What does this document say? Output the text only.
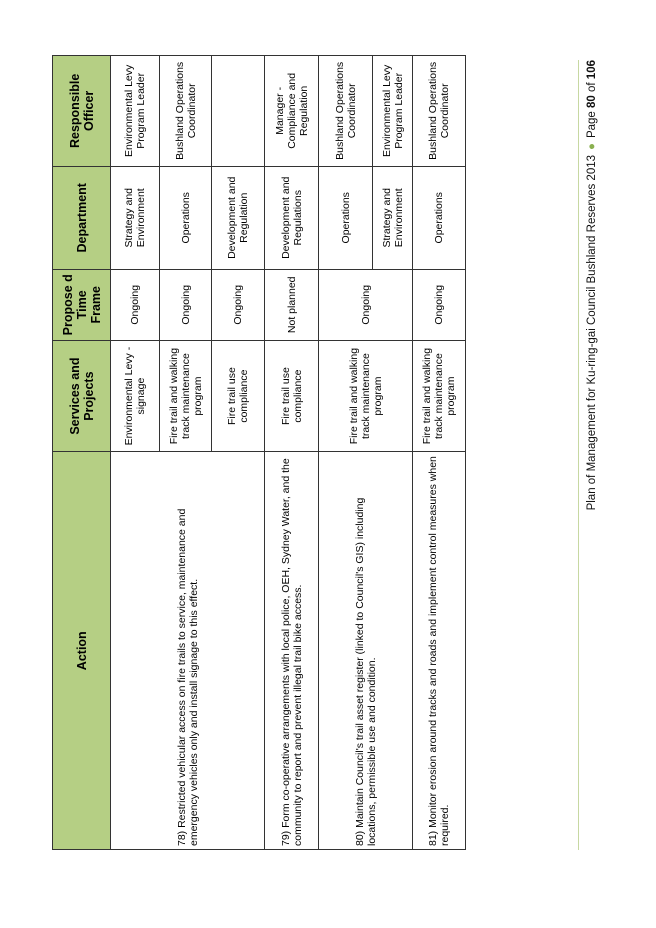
Action	Services and Projects	Propose d Time Frame	Department	Responsible Officer
78) Restricted vehicular access on fire trails to service, maintenance and emergency vehicles only and install signage to this effect.	Environmental Levy - signage	Ongoing	Strategy and Environment	Environmental Levy Program Leader
	Fire trail and walking track maintenance program	Ongoing	Operations	Bushland Operations Coordinator
	Fire trail use compliance	Ongoing	Development and Regulation	
79) Form co-operative arrangements with local police, OEH, Sydney Water, and the community to report and prevent illegal trail bike access.	Fire trail use compliance	Not planned	Development and Regulations	Manager - Compliance and Regulation
80) Maintain Council's trail asset register (linked to Council's GIS) including locations, permissible use and condition.	Fire trail and walking track maintenance program	Ongoing	Operations	Bushland Operations Coordinator
			Strategy and Environment	Environmental Levy Program Leader
81) Monitor erosion around tracks and roads and implement control measures when required.	Fire trail and walking track maintenance program	Ongoing	Operations	Bushland Operations Coordinator
Plan of Management for Ku-ring-gai Council Bushland Reserves 2013●Page 80 of 106
